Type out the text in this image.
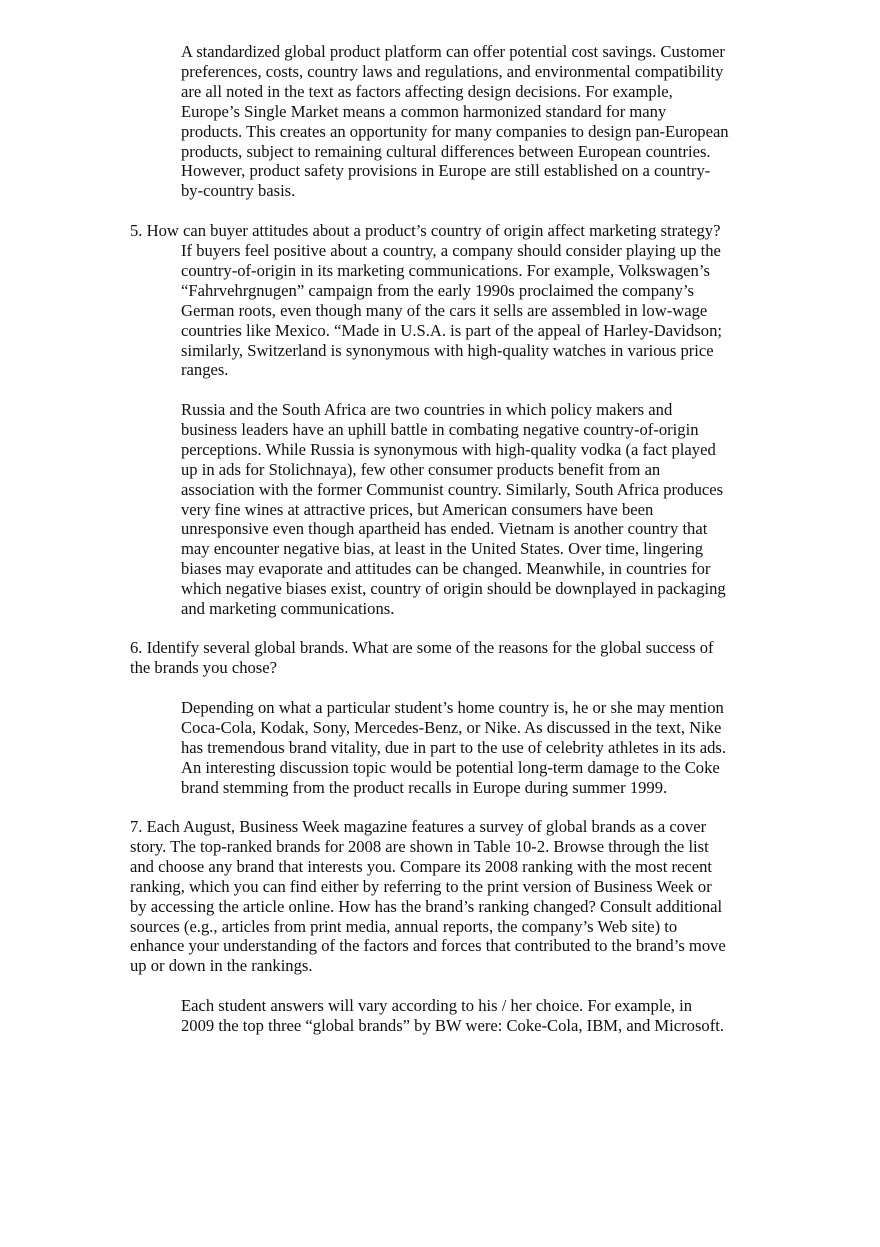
A standardized global product platform can offer potential cost savings. Customer
preferences, costs, country laws and regulations, and environmental compatibility
are all noted in the text as factors affecting design decisions. For example,
Europe’s Single Market means a common harmonized standard for many
products. This creates an opportunity for many companies to design pan-European
products, subject to remaining cultural differences between European countries.
However, product safety provisions in Europe are still established on a country-
by-country basis.
5. How can buyer attitudes about a product’s country of origin affect marketing strategy?
If buyers feel positive about a country, a company should consider playing up the
country-of-origin in its marketing communications. For example, Volkswagen’s
“Fahrvehrgnugen” campaign from the early 1990s proclaimed the company’s
German roots, even though many of the cars it sells are assembled in low-wage
countries like Mexico. “Made in U.S.A. is part of the appeal of Harley-Davidson;
similarly, Switzerland is synonymous with high-quality watches in various price
ranges.
Russia and the South Africa are two countries in which policy makers and
business leaders have an uphill battle in combating negative country-of-origin
perceptions. While Russia is synonymous with high-quality vodka (a fact played
up in ads for Stolichnaya), few other consumer products benefit from an
association with the former Communist country. Similarly, South Africa produces
very fine wines at attractive prices, but American consumers have been
unresponsive even though apartheid has ended. Vietnam is another country that
may encounter negative bias, at least in the United States. Over time, lingering
biases may evaporate and attitudes can be changed. Meanwhile, in countries for
which negative biases exist, country of origin should be downplayed in packaging
and marketing communications.
6. Identify several global brands. What are some of the reasons for the global success of
the brands you chose?
Depending on what a particular student’s home country is, he or she may mention
Coca-Cola, Kodak, Sony, Mercedes-Benz, or Nike. As discussed in the text, Nike
has tremendous brand vitality, due in part to the use of celebrity athletes in its ads.
An interesting discussion topic would be potential long-term damage to the Coke
brand stemming from the product recalls in Europe during summer 1999.
7. Each August, Business Week magazine features a survey of global brands as a cover
story. The top-ranked brands for 2008 are shown in Table 10-2. Browse through the list
and choose any brand that interests you. Compare its 2008 ranking with the most recent
ranking, which you can find either by referring to the print version of Business Week or
by accessing the article online. How has the brand’s ranking changed? Consult additional
sources (e.g., articles from print media, annual reports, the company’s Web site) to
enhance your understanding of the factors and forces that contributed to the brand’s move
up or down in the rankings.
Each student answers will vary according to his / her choice. For example, in
2009 the top three “global brands” by BW were: Coke-Cola, IBM, and Microsoft.
